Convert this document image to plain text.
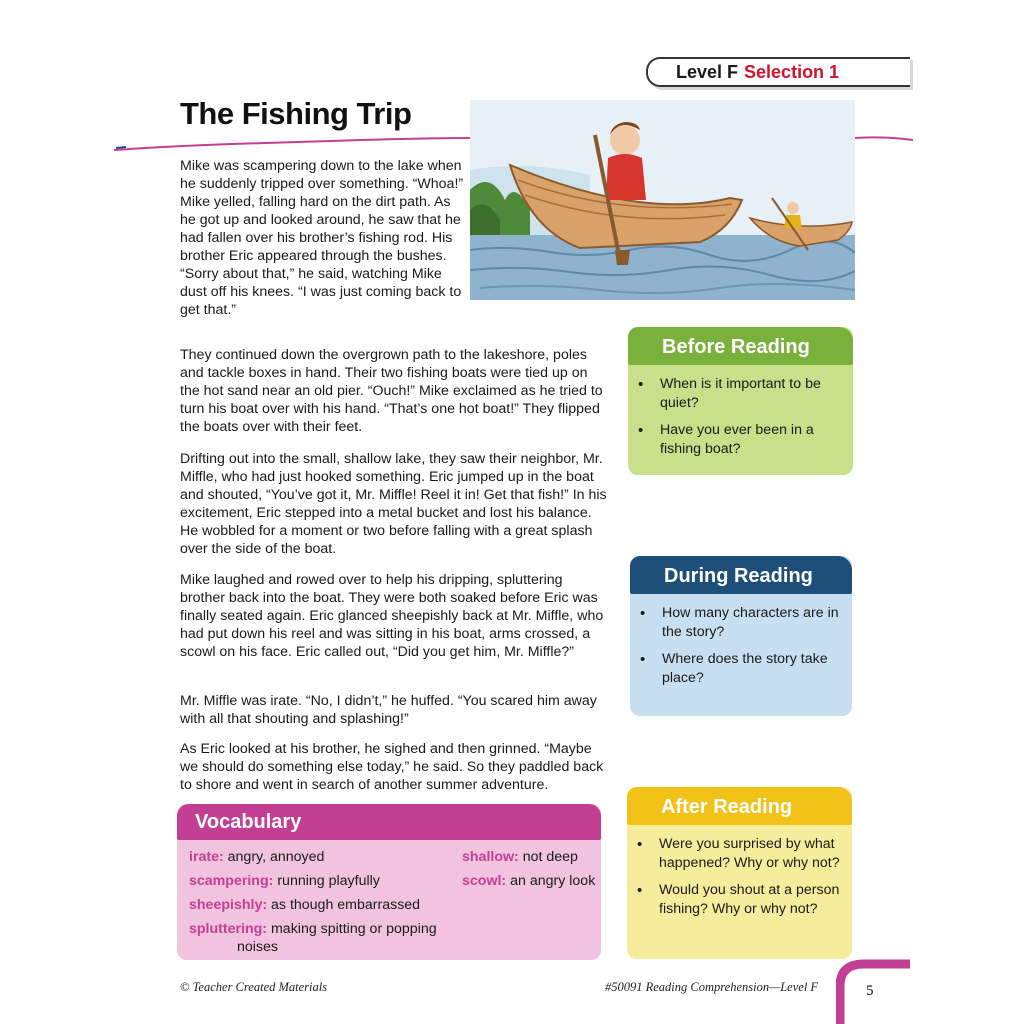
Level F Selection 1
The Fishing Trip

Mike was scampering down to the lake when he suddenly tripped over something. “Whoa!” Mike yelled, falling hard on the dirt path. As he got up and looked around, he saw that he had fallen over his brother’s fishing rod. His brother Eric appeared through the bushes. “Sorry about that,” he said, watching Mike dust off his knees. “I was just coming back to get that.”

They continued down the overgrown path to the lakeshore, poles and tackle boxes in hand. Their two fishing boats were tied up on the hot sand near an old pier. “Ouch!” Mike exclaimed as he tried to turn his boat over with his hand. “That’s one hot boat!” They flipped the boats over with their feet.

Drifting out into the small, shallow lake, they saw their neighbor, Mr. Miffle, who had just hooked something. Eric jumped up in the boat and shouted, “You’ve got it, Mr. Miffle! Reel it in! Get that fish!” In his excitement, Eric stepped into a metal bucket and lost his balance. He wobbled for a moment or two before falling with a great splash over the side of the boat.

Mike laughed and rowed over to help his dripping, spluttering brother back into the boat. They were both soaked before Eric was finally seated again. Eric glanced sheepishly back at Mr. Miffle, who had put down his reel and was sitting in his boat, arms crossed, a scowl on his face. Eric called out, “Did you get him, Mr. Miffle?”

Mr. Miffle was irate. “No, I didn’t,” he huffed. “You scared him away with all that shouting and splashing!”

As Eric looked at his brother, he sighed and then grinned. “Maybe we should do something else today,” he said. So they paddled back to shore and went in search of another summer adventure.

Before Reading
• When is it important to be quiet?
• Have you ever been in a fishing boat?
During Reading
• How many characters are in the story?
• Where does the story take place?
After Reading
• Were you surprised by what happened? Why or why not?
• Would you shout at a person fishing? Why or why not?
Vocabulary
irate: angry, annoyed
scampering: running playfully
sheepishly: as though embarrassed
spluttering: making spitting or popping
noises
shallow: not deep
scowl: an angry look
© Teacher Created Materials	#50091 Reading Comprehension—Level F	5
